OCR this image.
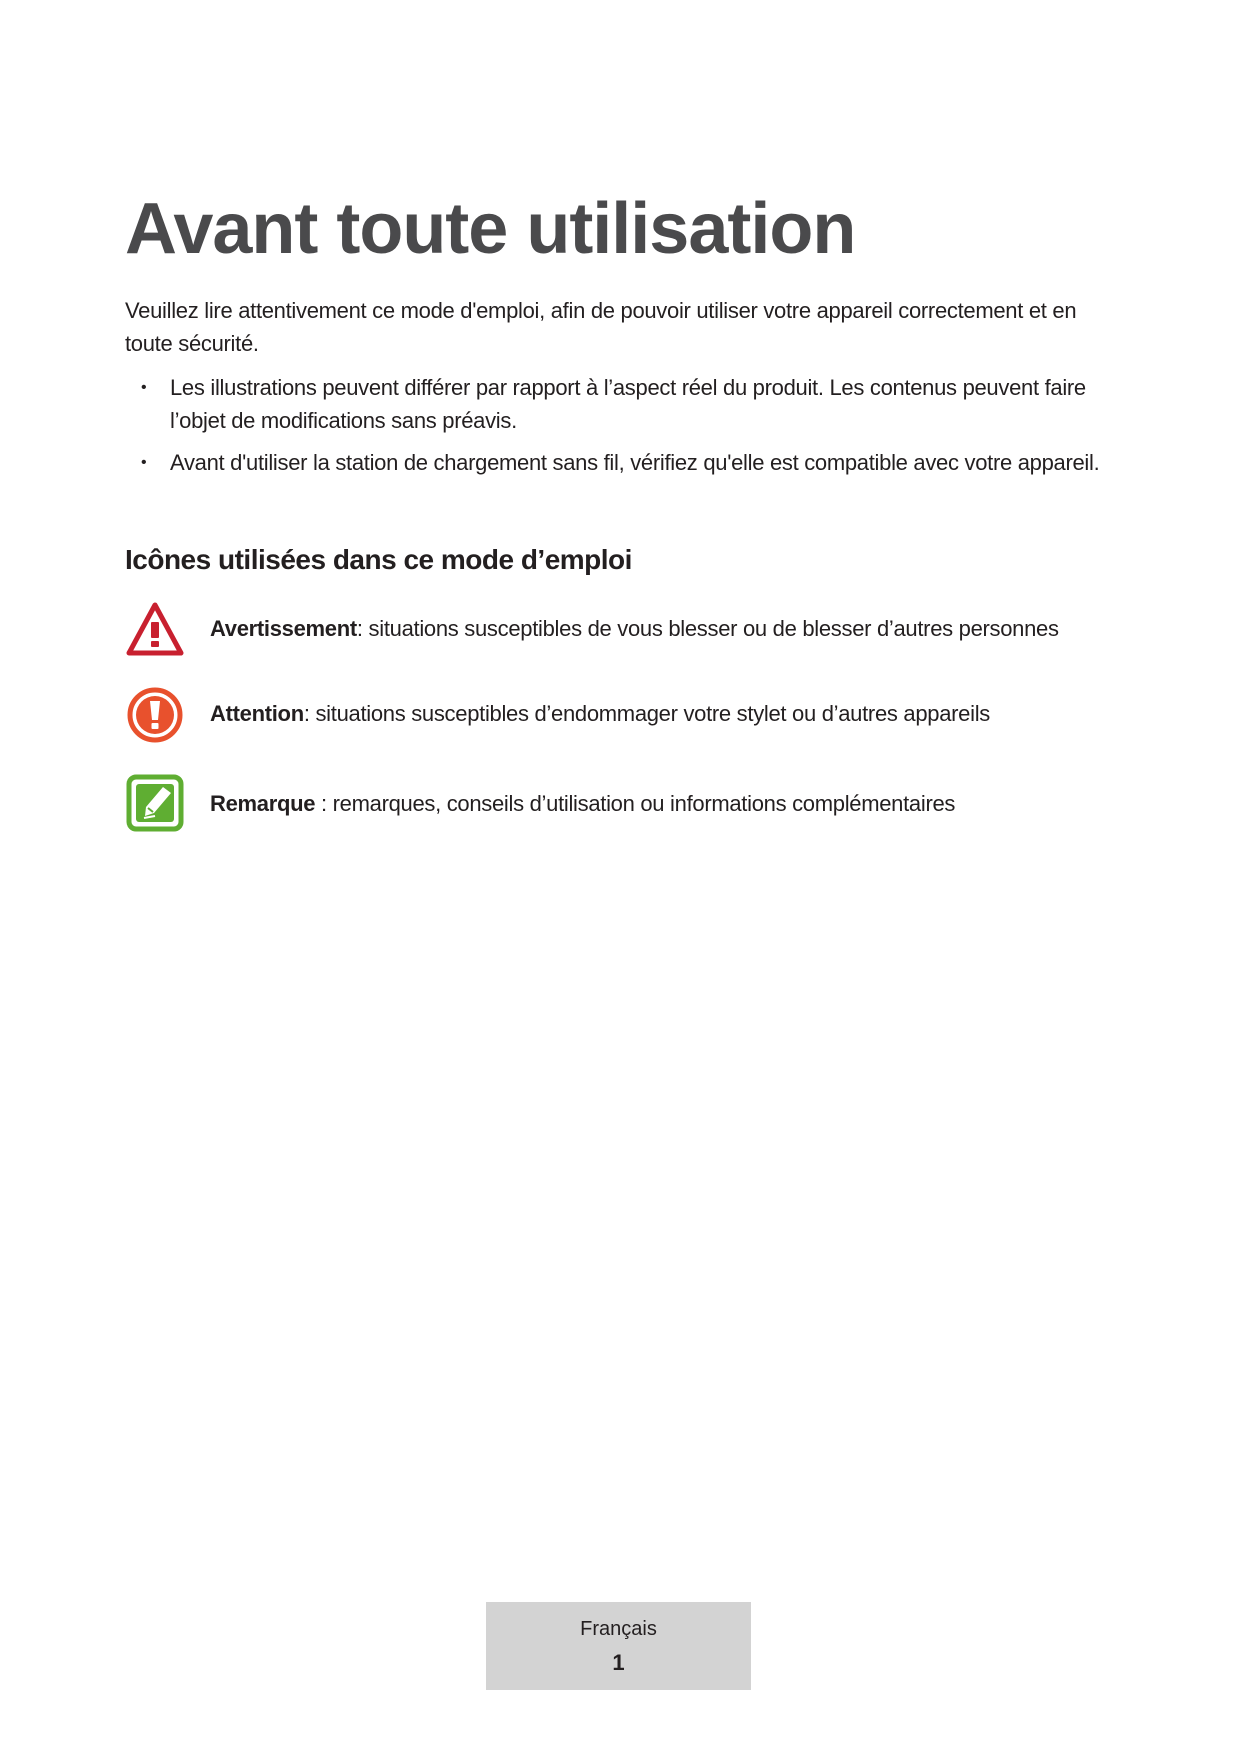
Avant toute utilisation

Veuillez lire attentivement ce mode d'emploi, afin de pouvoir utiliser votre appareil correctement et en toute sécurité.

• Les illustrations peuvent différer par rapport à l’aspect réel du produit. Les contenus peuvent faire l’objet de modifications sans préavis.
• Avant d'utiliser la station de chargement sans fil, vérifiez qu'elle est compatible avec votre appareil.
Icônes utilisées dans ce mode d’emploi
Avertissement: situations susceptibles de vous blesser ou de blesser d’autres personnes
Attention: situations susceptibles d’endommager votre stylet ou d’autres appareils
Remarque : remarques, conseils d’utilisation ou informations complémentaires
Français
1
